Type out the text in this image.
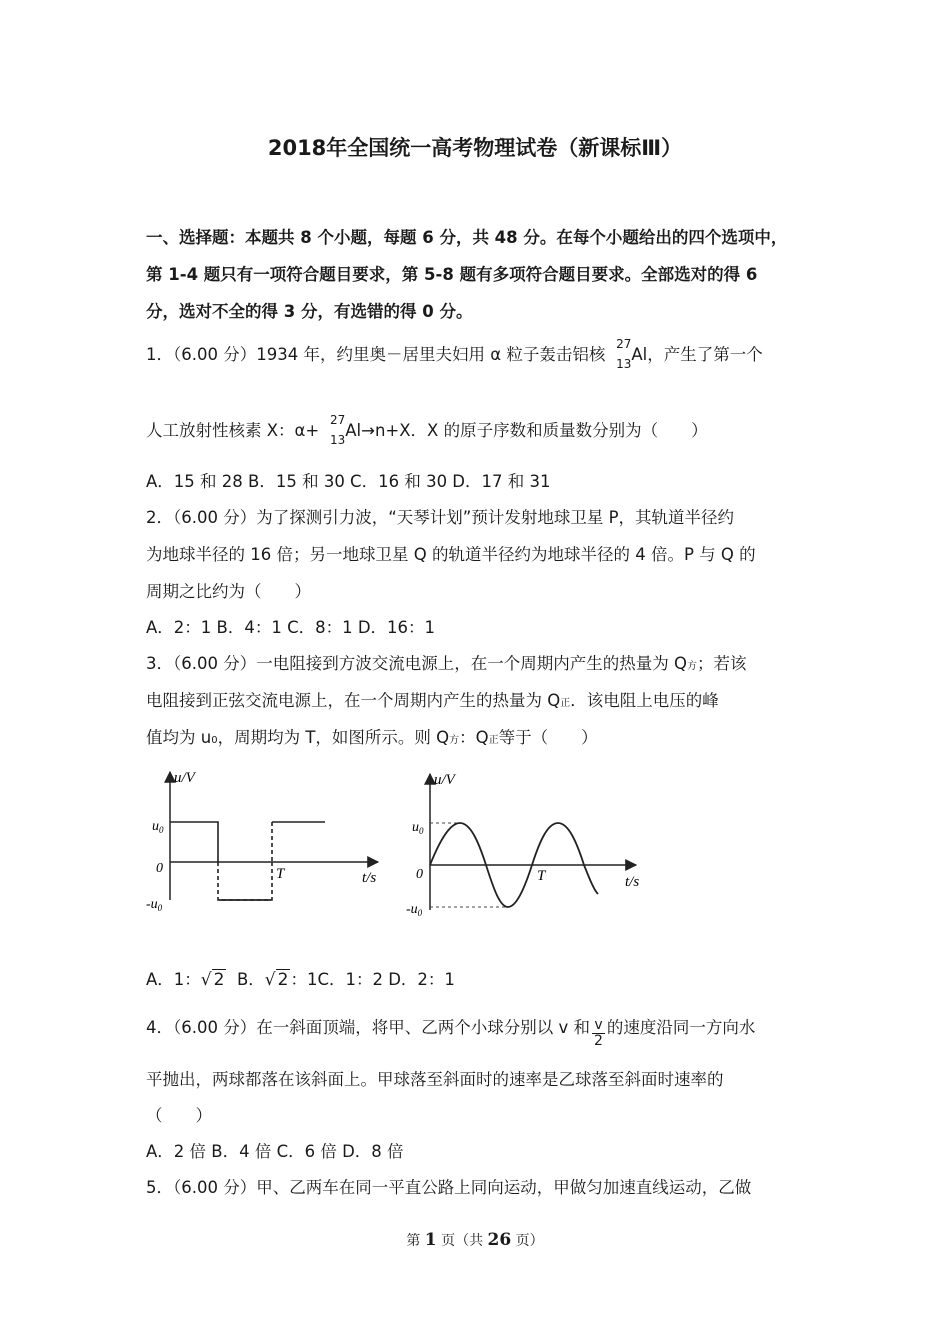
2018年全国统一高考物理试卷（新课标Ⅲ）
一、选择题：本题共 8 个小题，每题 6 分，共 48 分。在每个小题给出的四个选项中，
第 1-4 题只有一项符合题目要求，第 5-8 题有多项符合题目要求。全部选对的得 6
分，选对不全的得 3 分，有选错的得 0 分。
1．（6.00 分）1934 年，约里奥－居里夫妇用 α 粒子轰击铝核
27
13 Al，产生了第一个
人工放射性核素 X：α+
27
13 Al→n+X．X 的原子序数和质量数分别为（　　）
A．15 和 28 B．15 和 30 C．16 和 30 D．17 和 31
2．（6.00 分）为了探测引力波，“天琴计划”预计发射地球卫星 P，其轨道半径约
为地球半径的 16 倍；另一地球卫星 Q 的轨道半径约为地球半径的 4 倍。P 与 Q 的
周期之比约为（　　）
A．2：1 B．4：1 C．8：1 D．16：1
3．（6.00 分）一电阻接到方波交流电源上，在一个周期内产生的热量为 Q方；若该
电阻接到正弦交流电源上，在一个周期内产生的热量为 Q正．该电阻上电压的峰
值均为 u0，周期均为 T，如图所示。则 Q方：Q正等于（　　）
u/V
$u_0$
0
$-u_0$
T	t/s
u/V
$u_0$
0
$-u_0$
T	t/s
A．1：√ 2 B．√ 2 ：1C．1：2 D．2：1
4．（6.00 分）在一斜面顶端，将甲、乙两个小球分别以 v 和 $\frac{v}{2}$ 的速度沿同一方向水
平抛出，两球都落在该斜面上。甲球落至斜面时的速率是乙球落至斜面时速率的
（　　）
A．2 倍 B．4 倍 C．6 倍 D．8 倍
5．（6.00 分）甲、乙两车在同一平直公路上同向运动，甲做匀加速直线运动，乙做
第 1 页（共 26 页）
